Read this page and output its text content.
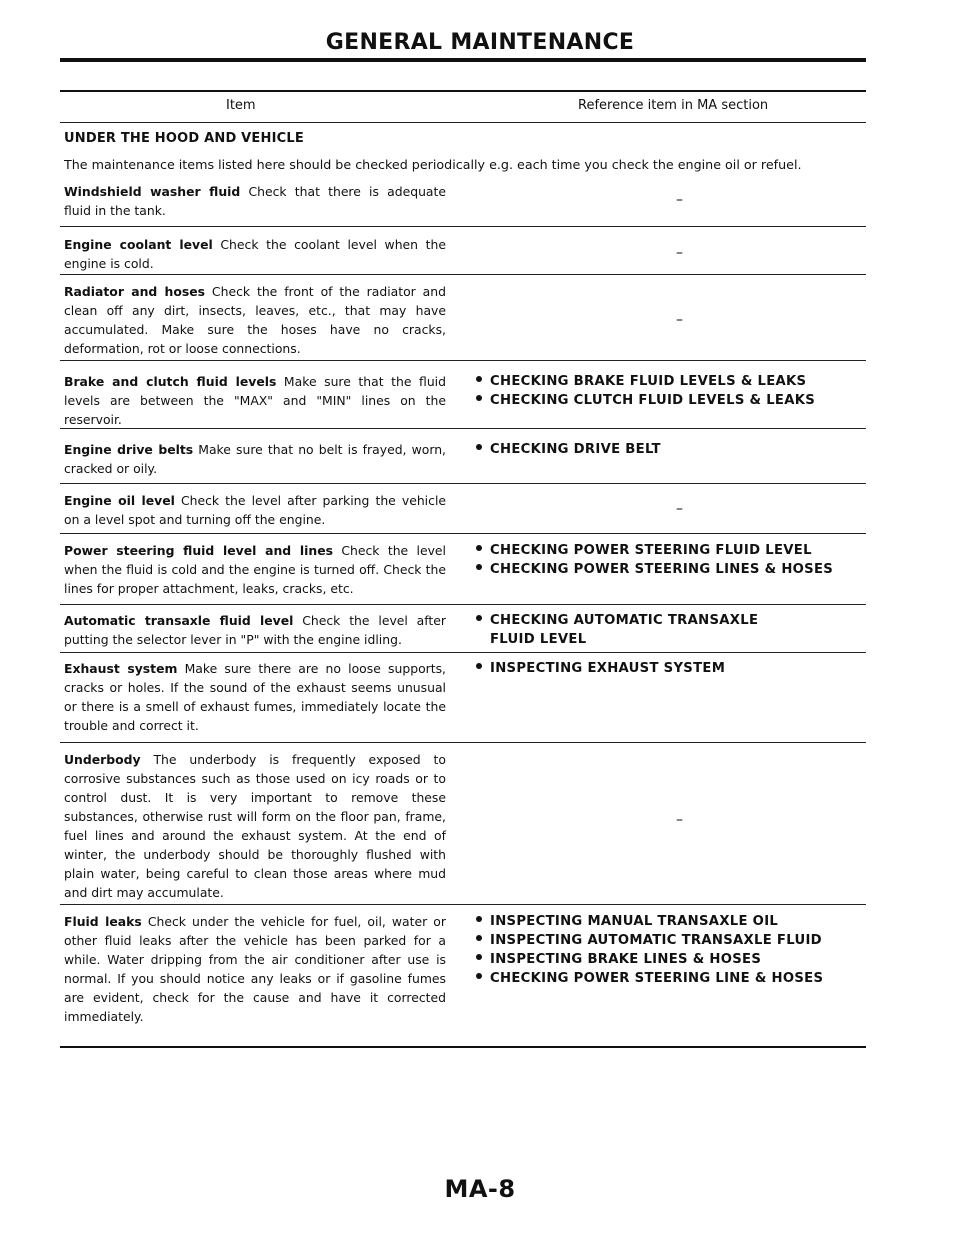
GENERAL MAINTENANCE
Item	Reference item in MA section
UNDER THE HOOD AND VEHICLE
The maintenance items listed here should be checked periodically e.g. each time you check the engine oil or refuel.
Windshield washer fluid Check that there is adequate fluid in the tank.
–
Engine coolant level Check the coolant level when the engine is cold.
–
Radiator and hoses Check the front of the radiator and clean off any dirt, insects, leaves, etc., that may have accumulated. Make sure the hoses have no cracks, deformation, rot or loose connections.
–
Brake and clutch fluid levels Make sure that the fluid levels are between the "MAX" and "MIN" lines on the reservoir.
CHECKING BRAKE FLUID LEVELS & LEAKS
CHECKING CLUTCH FLUID LEVELS & LEAKS
Engine drive belts Make sure that no belt is frayed, worn, cracked or oily.
CHECKING DRIVE BELT
Engine oil level Check the level after parking the vehicle on a level spot and turning off the engine.
–
Power steering fluid level and lines Check the level when the fluid is cold and the engine is turned off. Check the lines for proper attachment, leaks, cracks, etc.
CHECKING POWER STEERING FLUID LEVEL
CHECKING POWER STEERING LINES & HOSES
Automatic transaxle fluid level Check the level after putting the selector lever in "P" with the engine idling.
CHECKING AUTOMATIC TRANSAXLE
FLUID LEVEL
Exhaust system Make sure there are no loose supports, cracks or holes. If the sound of the exhaust seems unusual or there is a smell of exhaust fumes, immediately locate the trouble and correct it.
INSPECTING EXHAUST SYSTEM
Underbody The underbody is frequently exposed to corrosive substances such as those used on icy roads or to control dust. It is very important to remove these substances, otherwise rust will form on the floor pan, frame, fuel lines and around the exhaust system. At the end of winter, the underbody should be thoroughly flushed with plain water, being careful to clean those areas where mud and dirt may accumulate.
–
Fluid leaks Check under the vehicle for fuel, oil, water or other fluid leaks after the vehicle has been parked for a while. Water dripping from the air conditioner after use is normal. If you should notice any leaks or if gasoline fumes are evident, check for the cause and have it corrected immediately.
INSPECTING MANUAL TRANSAXLE OIL
INSPECTING AUTOMATIC TRANSAXLE FLUID
INSPECTING BRAKE LINES & HOSES
CHECKING POWER STEERING LINE & HOSES
MA-8
